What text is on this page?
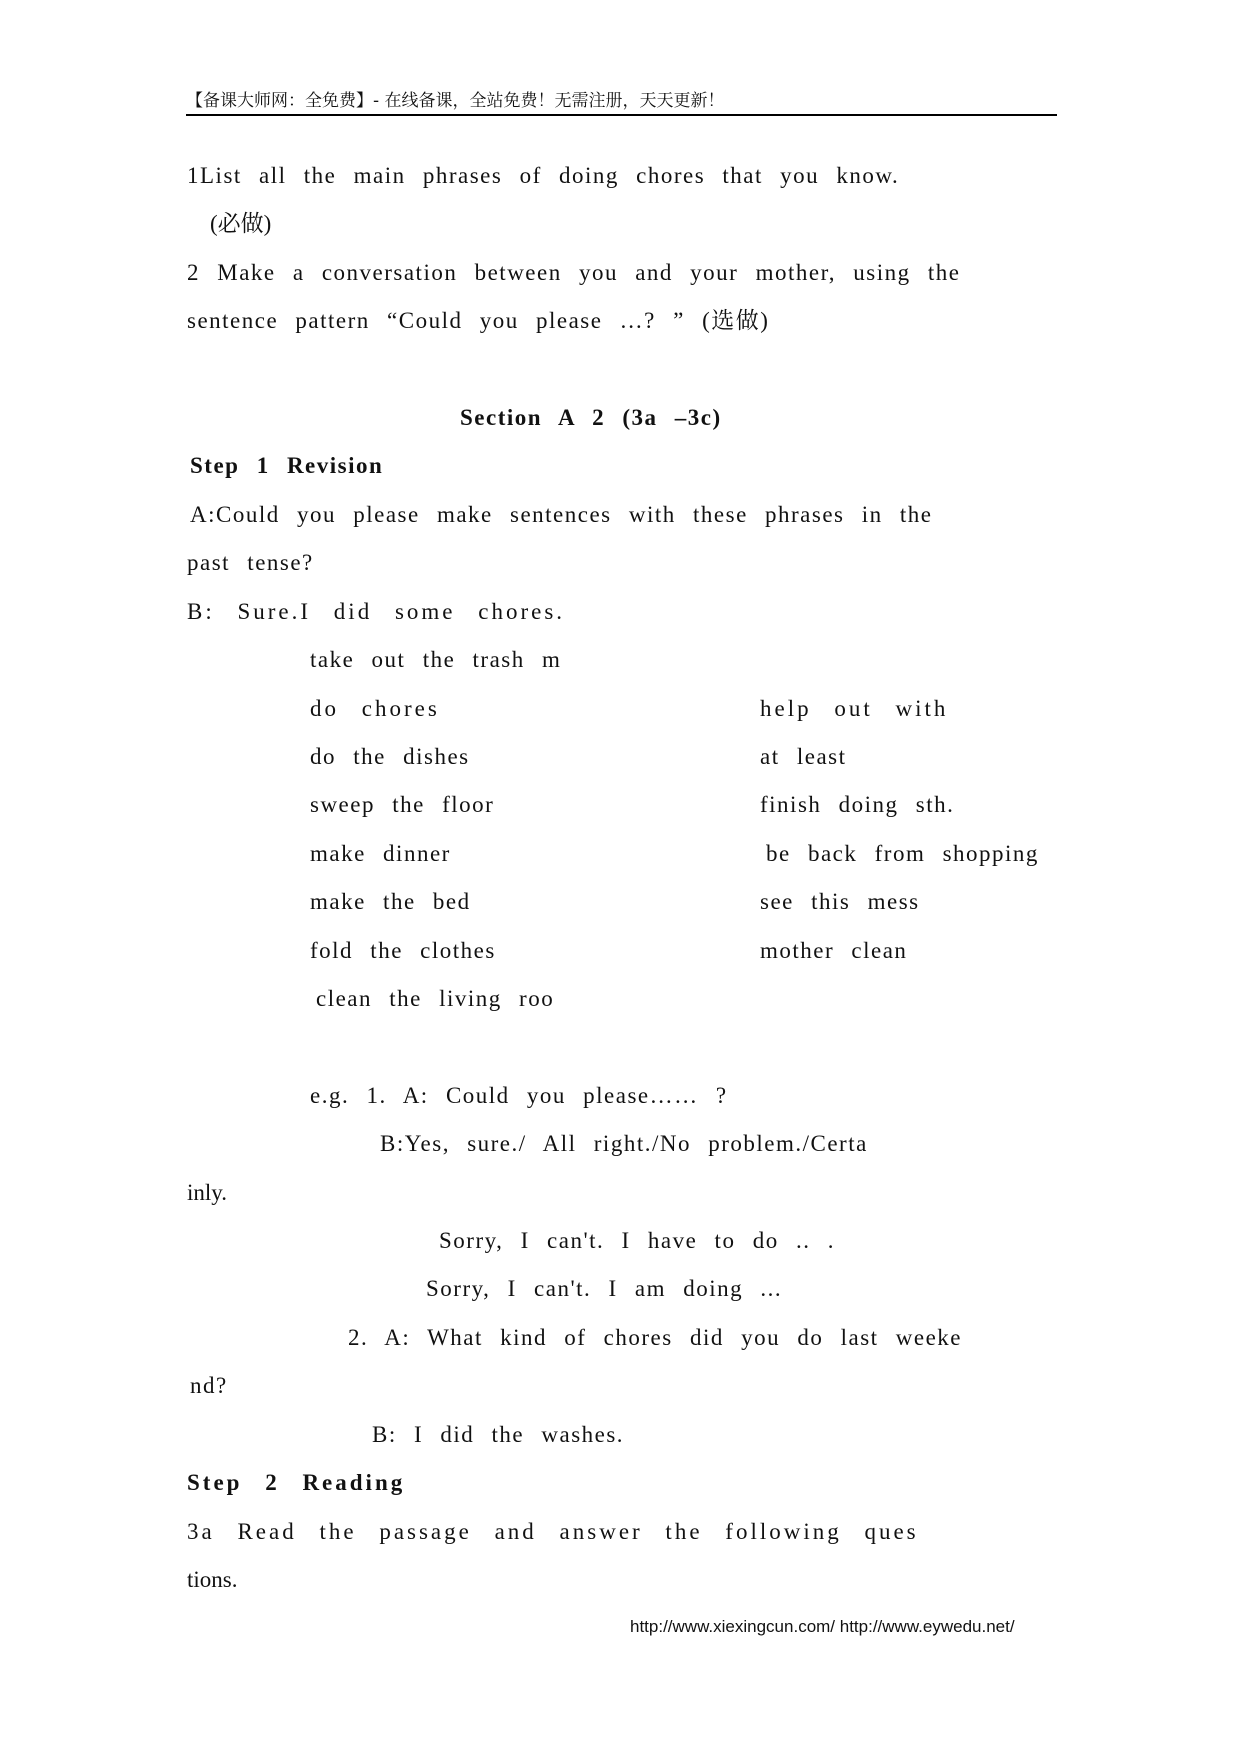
【备课大师网：全免费】- 在线备课，全站免费！无需注册，天天更新！
1List all the main phrases of doing chores that you know.
(必做)
2 Make a conversation between you and your mother, using the
sentence pattern “Could you please …? ” (选做)
Section A 2 (3a –3c)
Step 1 Revision
A:Could you please make sentences with these phrases in the
past tense?
B: Sure.I did some chores.
take out the trash m
do chores
do the dishes
sweep the floor
make dinner
make the bed
fold the clothes
clean the living roo
help out with
at least
finish doing sth.
be back from shopping
see this mess
mother clean
e.g. 1. A: Could you please…… ?
B:Yes, sure./ All right./No problem./Certa
inly.
Sorry, I can't. I have to do .. .
Sorry, I can't. I am doing ...
2. A: What kind of chores did you do last weeke
nd?
B: I did the washes.
Step 2 Reading
3a Read the passage and answer the following ques
tions.
http://www.xiexingcun.com/ http://www.eywedu.net/
